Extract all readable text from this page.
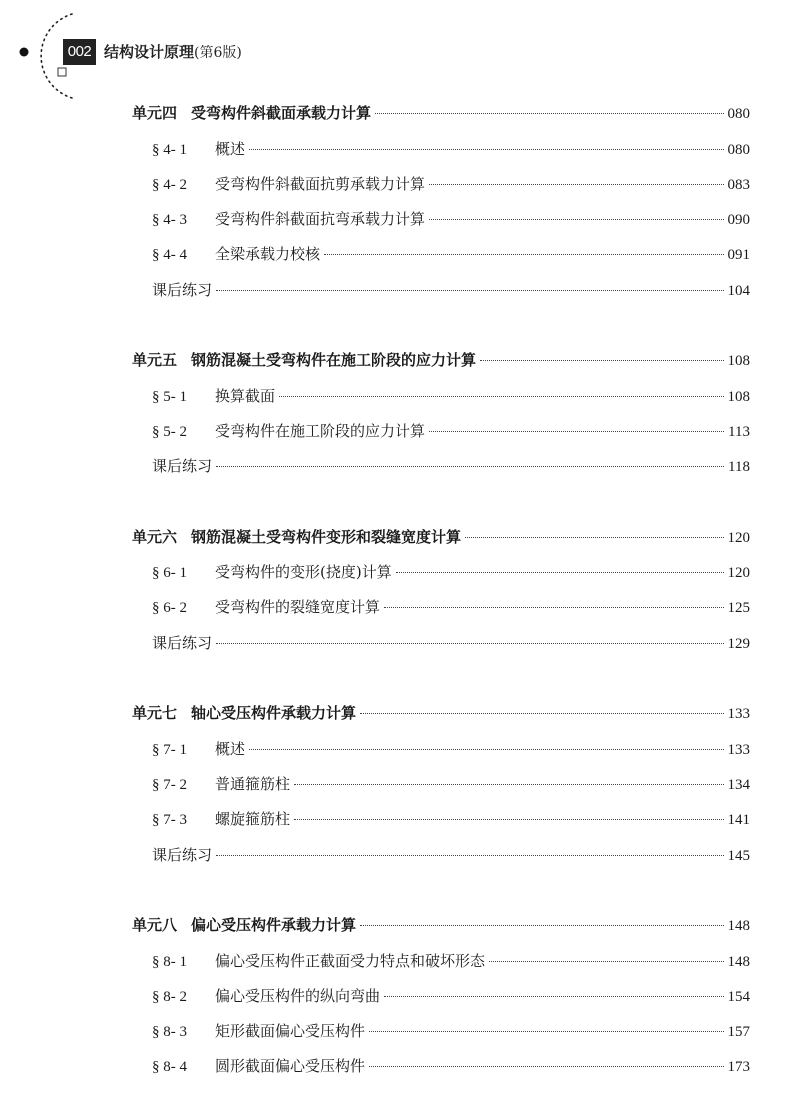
002 结构设计原理(第6版)
单元四 受弯构件斜截面承载力计算	080
§ 4- 1	概述	080
§ 4- 2	受弯构件斜截面抗剪承载力计算	083
§ 4- 3	受弯构件斜截面抗弯承载力计算	090
§ 4- 4	全梁承载力校核	091
课后练习	104
单元五 钢筋混凝土受弯构件在施工阶段的应力计算	108
§ 5- 1	换算截面	108
§ 5- 2	受弯构件在施工阶段的应力计算	113
课后练习	118
单元六 钢筋混凝土受弯构件变形和裂缝宽度计算	120
§ 6- 1	受弯构件的变形(挠度)计算	120
§ 6- 2	受弯构件的裂缝宽度计算	125
课后练习	129
单元七 轴心受压构件承载力计算	133
§ 7- 1	概述	133
§ 7- 2	普通箍筋柱	134
§ 7- 3	螺旋箍筋柱	141
课后练习	145
单元八 偏心受压构件承载力计算	148
§ 8- 1	偏心受压构件正截面受力特点和破坏形态	148
§ 8- 2	偏心受压构件的纵向弯曲	154
§ 8- 3	矩形截面偏心受压构件	157
§ 8- 4	圆形截面偏心受压构件	173
